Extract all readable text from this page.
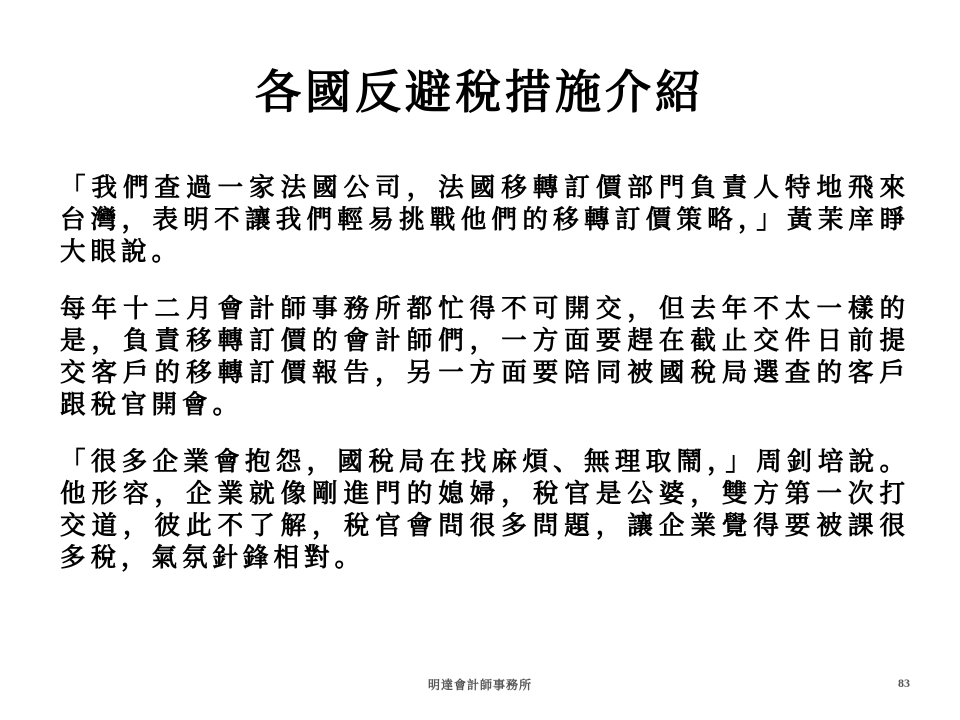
各國反避稅措施介紹

「我們查過一家法國公司，法國移轉訂價部門負責人特地飛來台灣，表明不讓我們輕易挑戰他們的移轉訂價策略，」黃茉庠睜大眼說。

每年十二月會計師事務所都忙得不可開交，但去年不太一樣的是，負責移轉訂價的會計師們，一方面要趕在截止交件日前提交客戶的移轉訂價報告，另一方面要陪同被國稅局選查的客戶跟稅官開會。

「很多企業會抱怨，國稅局在找麻煩、無理取鬧，」周釗培說。他形容，企業就像剛進門的媳婦，稅官是公婆，雙方第一次打交道，彼此不了解，稅官會問很多問題，讓企業覺得要被課很多稅，氣氛針鋒相對。

明達會計師事務所	83
